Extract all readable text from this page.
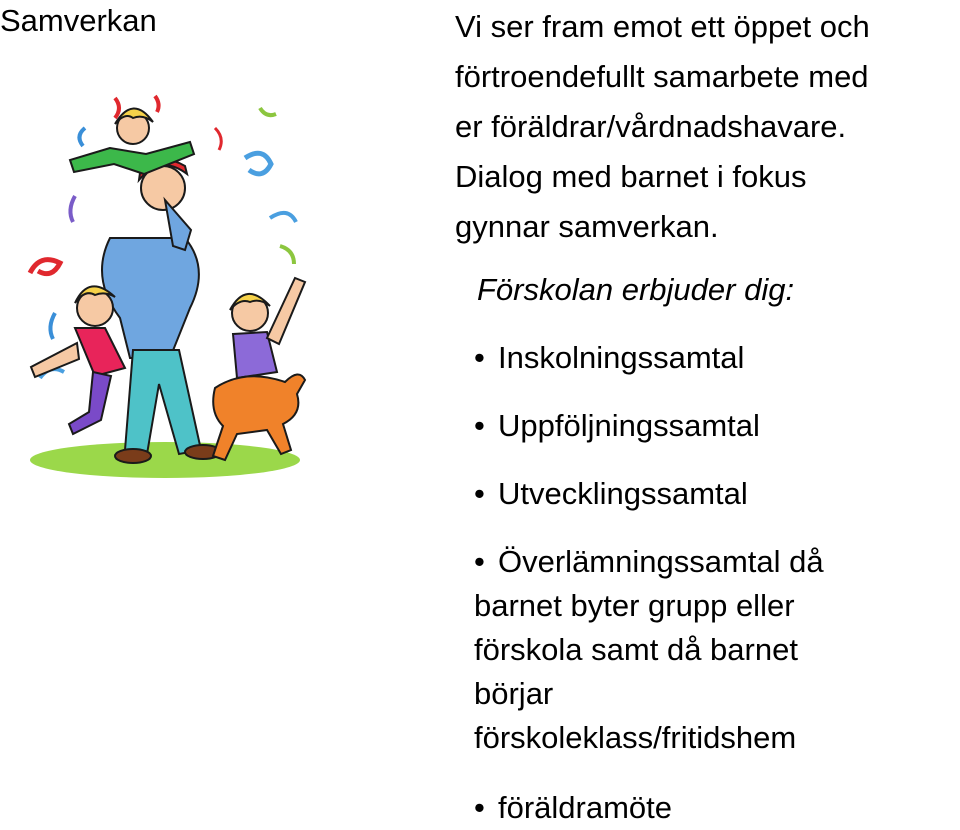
Samverkan	Vi ser fram emot ett öppet och
förtroendefullt samarbete med
er föräldrar/vårdnadshavare.
Dialog med barnet i fokus
gynnar samverkan.
Förskolan erbjuder dig:
• Inskolningssamtal
• Uppföljningssamtal
• Utvecklingssamtal
• Överlämningssamtal då
barnet byter grupp eller
förskola samt då barnet
börjar
förskoleklass/fritidshem
• föräldramöte
